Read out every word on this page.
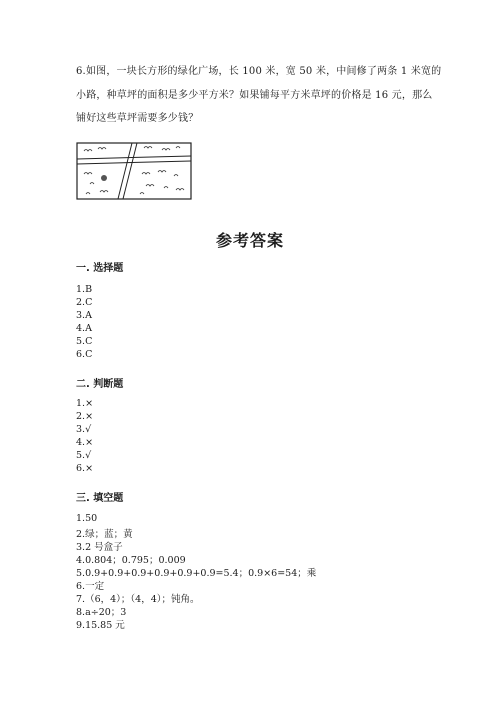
6.如图，一块长方形的绿化广场，长 100 米，宽 50 米，中间修了两条 1 米宽的
小路，种草坪的面积是多少平方米？如果铺每平方米草坪的价格是 16 元，那么
铺好这些草坪需要多少钱？
参考答案
一. 选择题
1.B
2.C
3.A
4.A
5.C
6.C
二. 判断题
1.×
2.×
3.√
4.×
5.√
6.×
三. 填空题
1.50
2.绿；蓝；黄
3.2 号盒子
4.0.804；0.795；0.009
5.0.9+0.9+0.9+0.9+0.9+0.9=5.4；0.9×6=54；乘
6.一定
7.（6，4）；（4，4）；钝角。
8.a÷20；3
9.15.85 元
